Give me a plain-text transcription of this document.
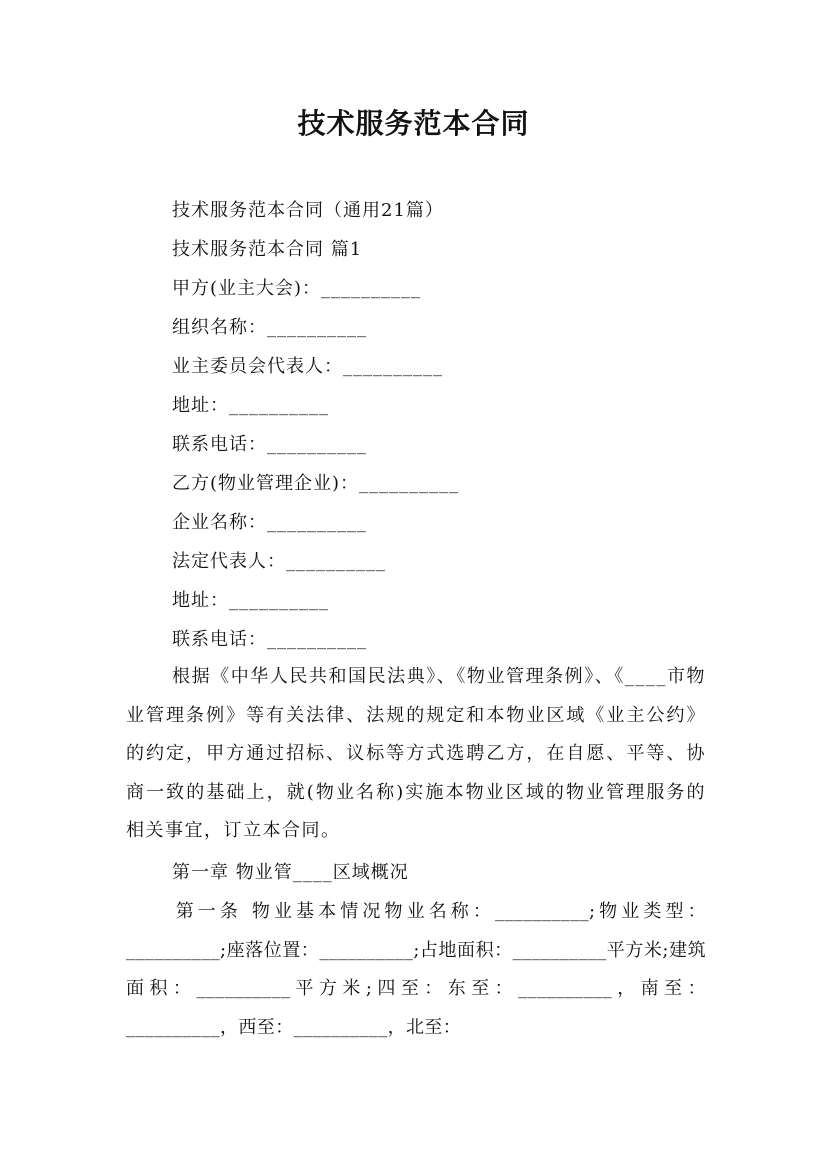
技术服务范本合同
技术服务范本合同（通用21篇）
技术服务范本合同 篇1
甲方(业主大会)：__________
组织名称：__________
业主委员会代表人：__________
地址：__________
联系电话：__________
乙方(物业管理企业)：__________
企业名称：__________
法定代表人：__________
地址：__________
联系电话：__________
根据《中华人民共和国民法典》、《物业管理条例》、《____市物业管理条例》等有关法律、法规的规定和本物业区域《业主公约》的约定，甲方通过招标、议标等方式选聘乙方，在自愿、平等、协商一致的基础上，就(物业名称)实施本物业区域的物业管理服务的相关事宜，订立本合同。
第一章 物业管____区域概况
第一条 物业基本情况物业名称：__________;物业类型：__________;座落位置：__________;占地面积：__________平方米;建筑面积：__________平方米;四至：东至：__________，南至：__________，西至：__________，北至：
